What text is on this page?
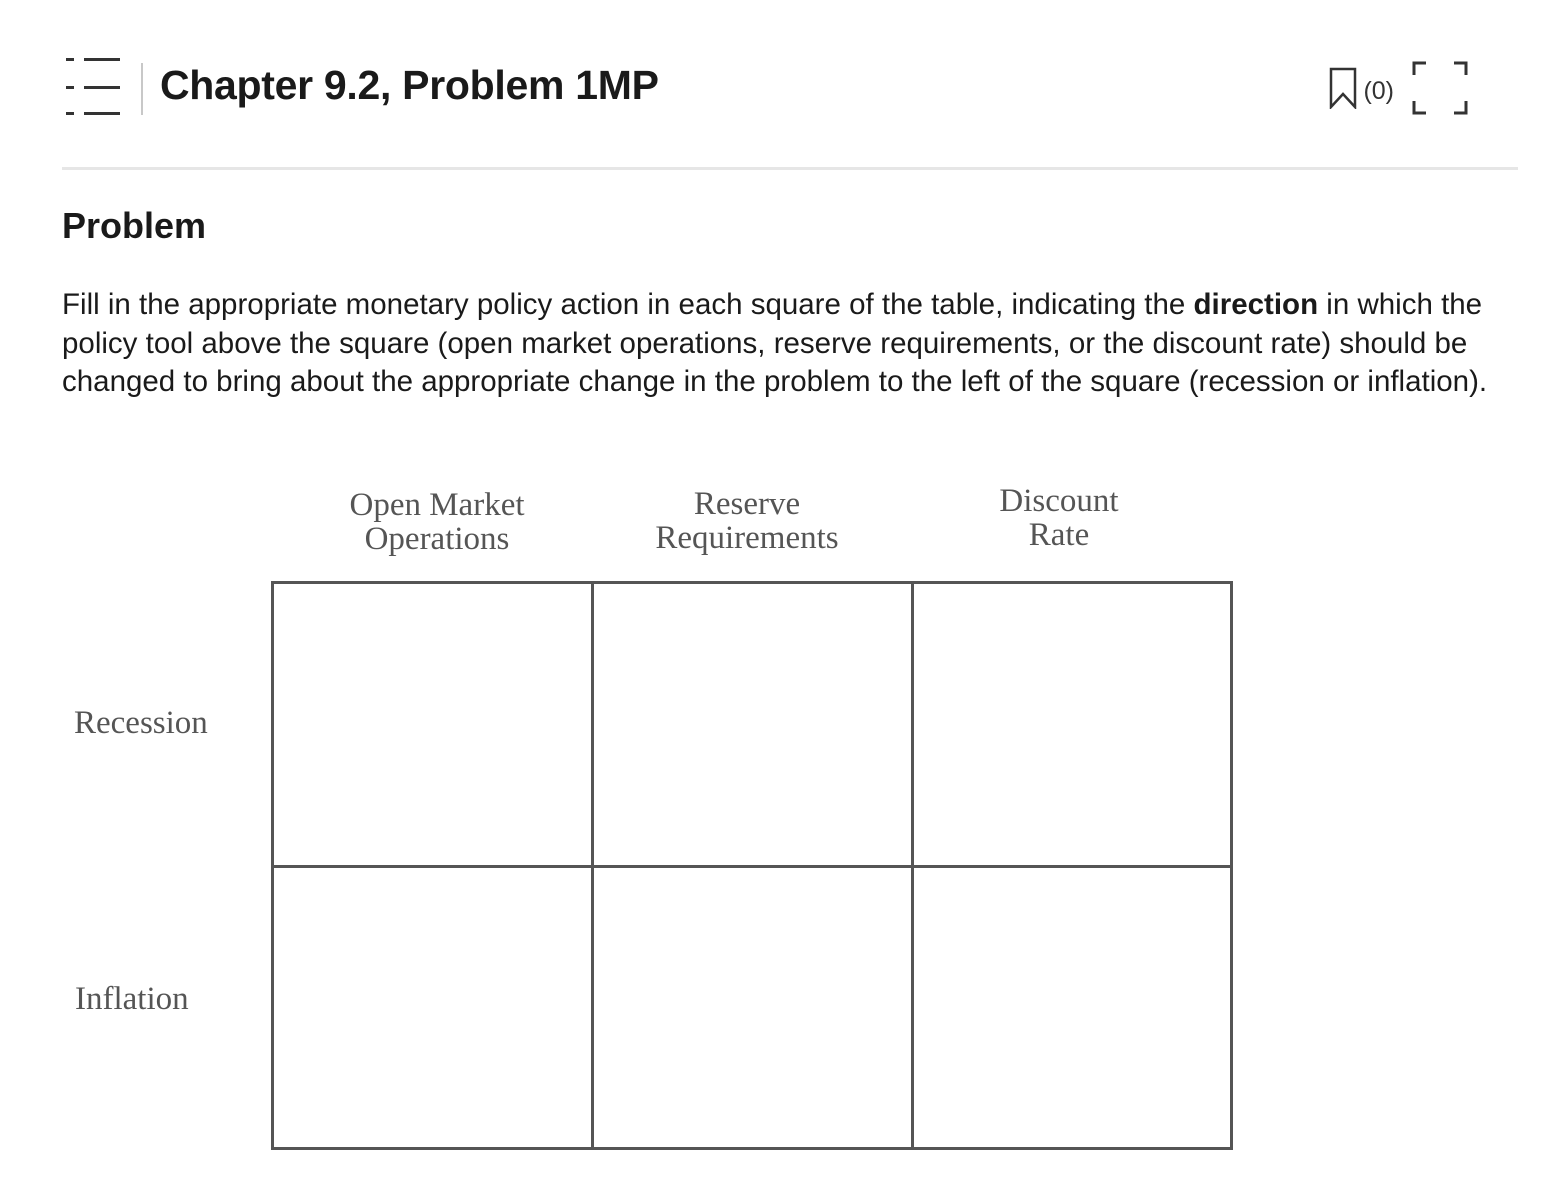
Chapter 9.2, Problem 1MP	(0)
Problem

Fill in the appropriate monetary policy action in each square of the table, indicating the direction in which the policy tool above the square (open market operations, reserve requirements, or the discount rate) should be changed to bring about the appropriate change in the problem to the left of the square (recession or inflation).

Open Market
Operations
Reserve
Requirements
Discount
Rate
Recession
Inflation
